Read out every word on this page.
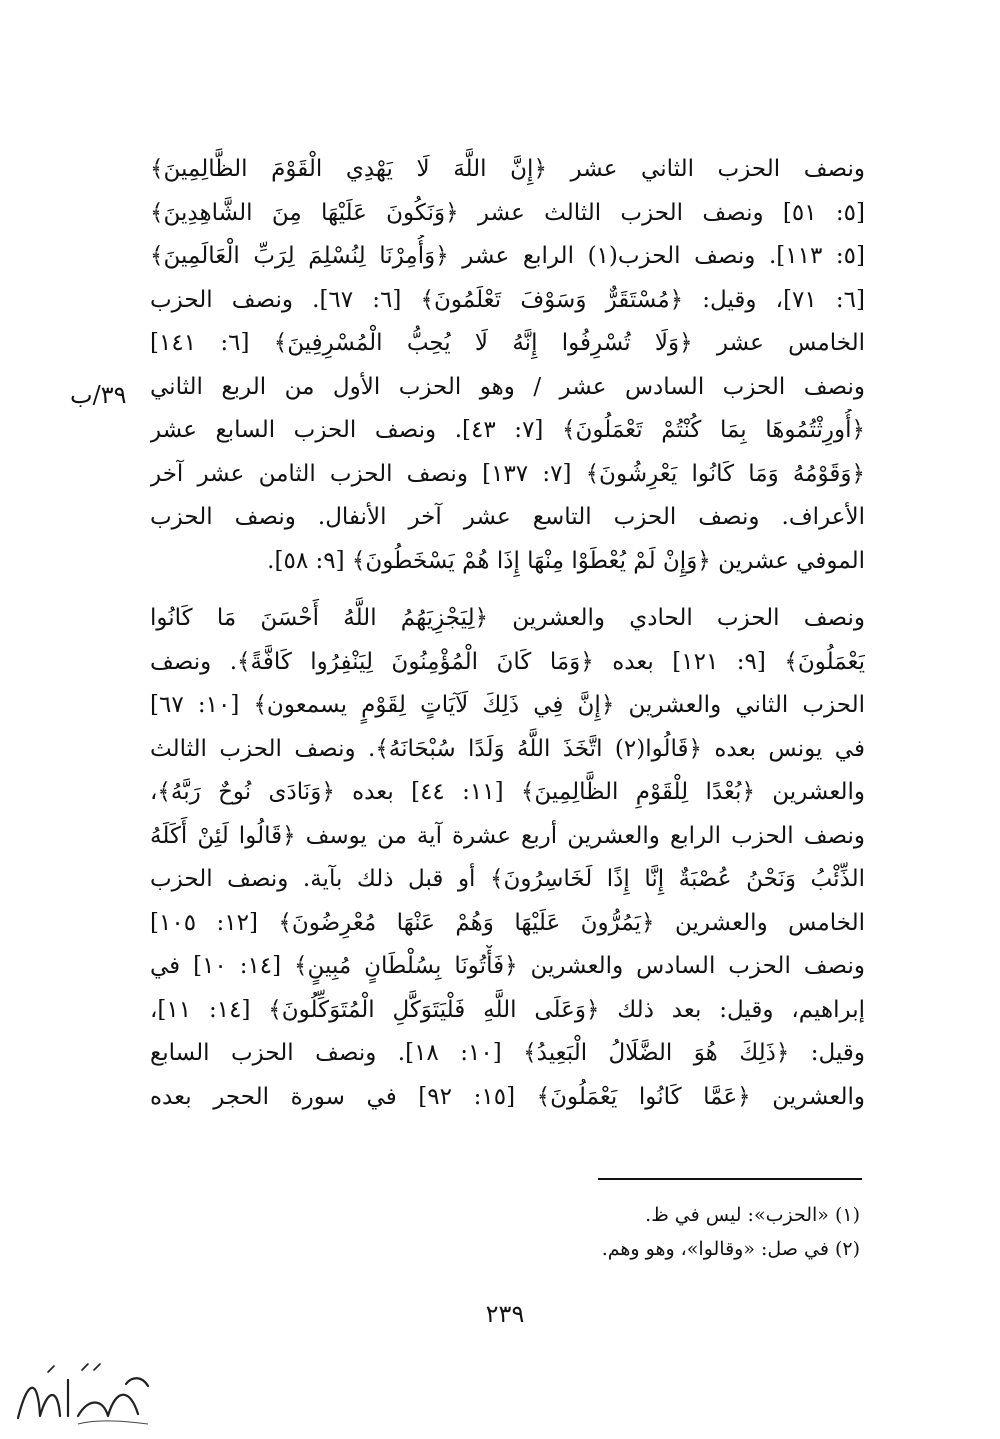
ونصف الحزب الثاني عشر ﴿إِنَّ اللَّهَ لَا يَهْدِي الْقَوْمَ الظَّالِمِينَ﴾
[٥: ٥١] ونصف الحزب الثالث عشر ﴿وَنَكُونَ عَلَيْهَا مِنَ الشَّاهِدِينَ﴾
[٥: ١١٣]. ونصف الحزب(١) الرابع عشر ﴿وَأُمِرْنَا لِنُسْلِمَ لِرَبِّ الْعَالَمِينَ﴾
[٦: ٧١]، وقيل: ﴿مُسْتَقَرٌّ وَسَوْفَ تَعْلَمُونَ﴾ [٦: ٦٧]. ونصف الحزب
الخامس عشر ﴿وَلَا تُسْرِفُوا إِنَّهُ لَا يُحِبُّ الْمُسْرِفِينَ﴾ [٦: ١٤١]
ونصف الحزب السادس عشر / وهو الحزب الأول من الربع الثاني
﴿أُورِثْتُمُوهَا بِمَا كُنْتُمْ تَعْمَلُونَ﴾ [٧: ٤٣]. ونصف الحزب السابع عشر
﴿وَقَوْمُهُ وَمَا كَانُوا يَعْرِشُونَ﴾ [٧: ١٣٧] ونصف الحزب الثامن عشر آخر
الأعراف. ونصف الحزب التاسع عشر آخر الأنفال. ونصف الحزب
الموفي عشرين ﴿وَإِنْ لَمْ يُعْطَوْا مِنْهَا إِذَا هُمْ يَسْخَطُونَ﴾ [٩: ٥٨].
ونصف الحزب الحادي والعشرين ﴿لِيَجْزِيَهُمُ اللَّهُ أَحْسَنَ مَا كَانُوا
يَعْمَلُونَ﴾ [٩: ١٢١] بعده ﴿وَمَا كَانَ الْمُؤْمِنُونَ لِيَنْفِرُوا كَافَّةً﴾. ونصف
الحزب الثاني والعشرين ﴿إِنَّ فِي ذَلِكَ لَآيَاتٍ لِقَوْمٍ يسمعون﴾ [١٠: ٦٧]
في يونس بعده ﴿قَالُوا(٢) اتَّخَذَ اللَّهُ وَلَدًا سُبْحَانَهُ﴾. ونصف الحزب الثالث
والعشرين ﴿بُعْدًا لِلْقَوْمِ الظَّالِمِينَ﴾ [١١: ٤٤] بعده ﴿وَنَادَى نُوحٌ رَبَّهُ﴾،
ونصف الحزب الرابع والعشرين أربع عشرة آية من يوسف ﴿قَالُوا لَئِنْ أَكَلَهُ
الذِّئْبُ وَنَحْنُ عُصْبَةٌ إِنَّا إِذًا لَخَاسِرُونَ﴾ أو قبل ذلك بآية. ونصف الحزب
الخامس والعشرين ﴿يَمُرُّونَ عَلَيْهَا وَهُمْ عَنْهَا مُعْرِضُونَ﴾ [١٢: ١٠٥]
ونصف الحزب السادس والعشرين ﴿فَأْتُونَا بِسُلْطَانٍ مُبِينٍ﴾ [١٤: ١٠] في
إبراهيم، وقيل: بعد ذلك ﴿وَعَلَى اللَّهِ فَلْيَتَوَكَّلِ الْمُتَوَكِّلُونَ﴾ [١٤: ١١]،
وقيل: ﴿ذَلِكَ هُوَ الضَّلَالُ الْبَعِيدُ﴾ [١٠: ١٨]. ونصف الحزب السابع
والعشرين ﴿عَمَّا كَانُوا يَعْمَلُونَ﴾ [١٥: ٩٢] في سورة الحجر بعده
٣٩/ب
(١) «الحزب»: ليس في ظ.
(٢) في صل: «وقالوا»، وهو وهم.
٢٣٩
